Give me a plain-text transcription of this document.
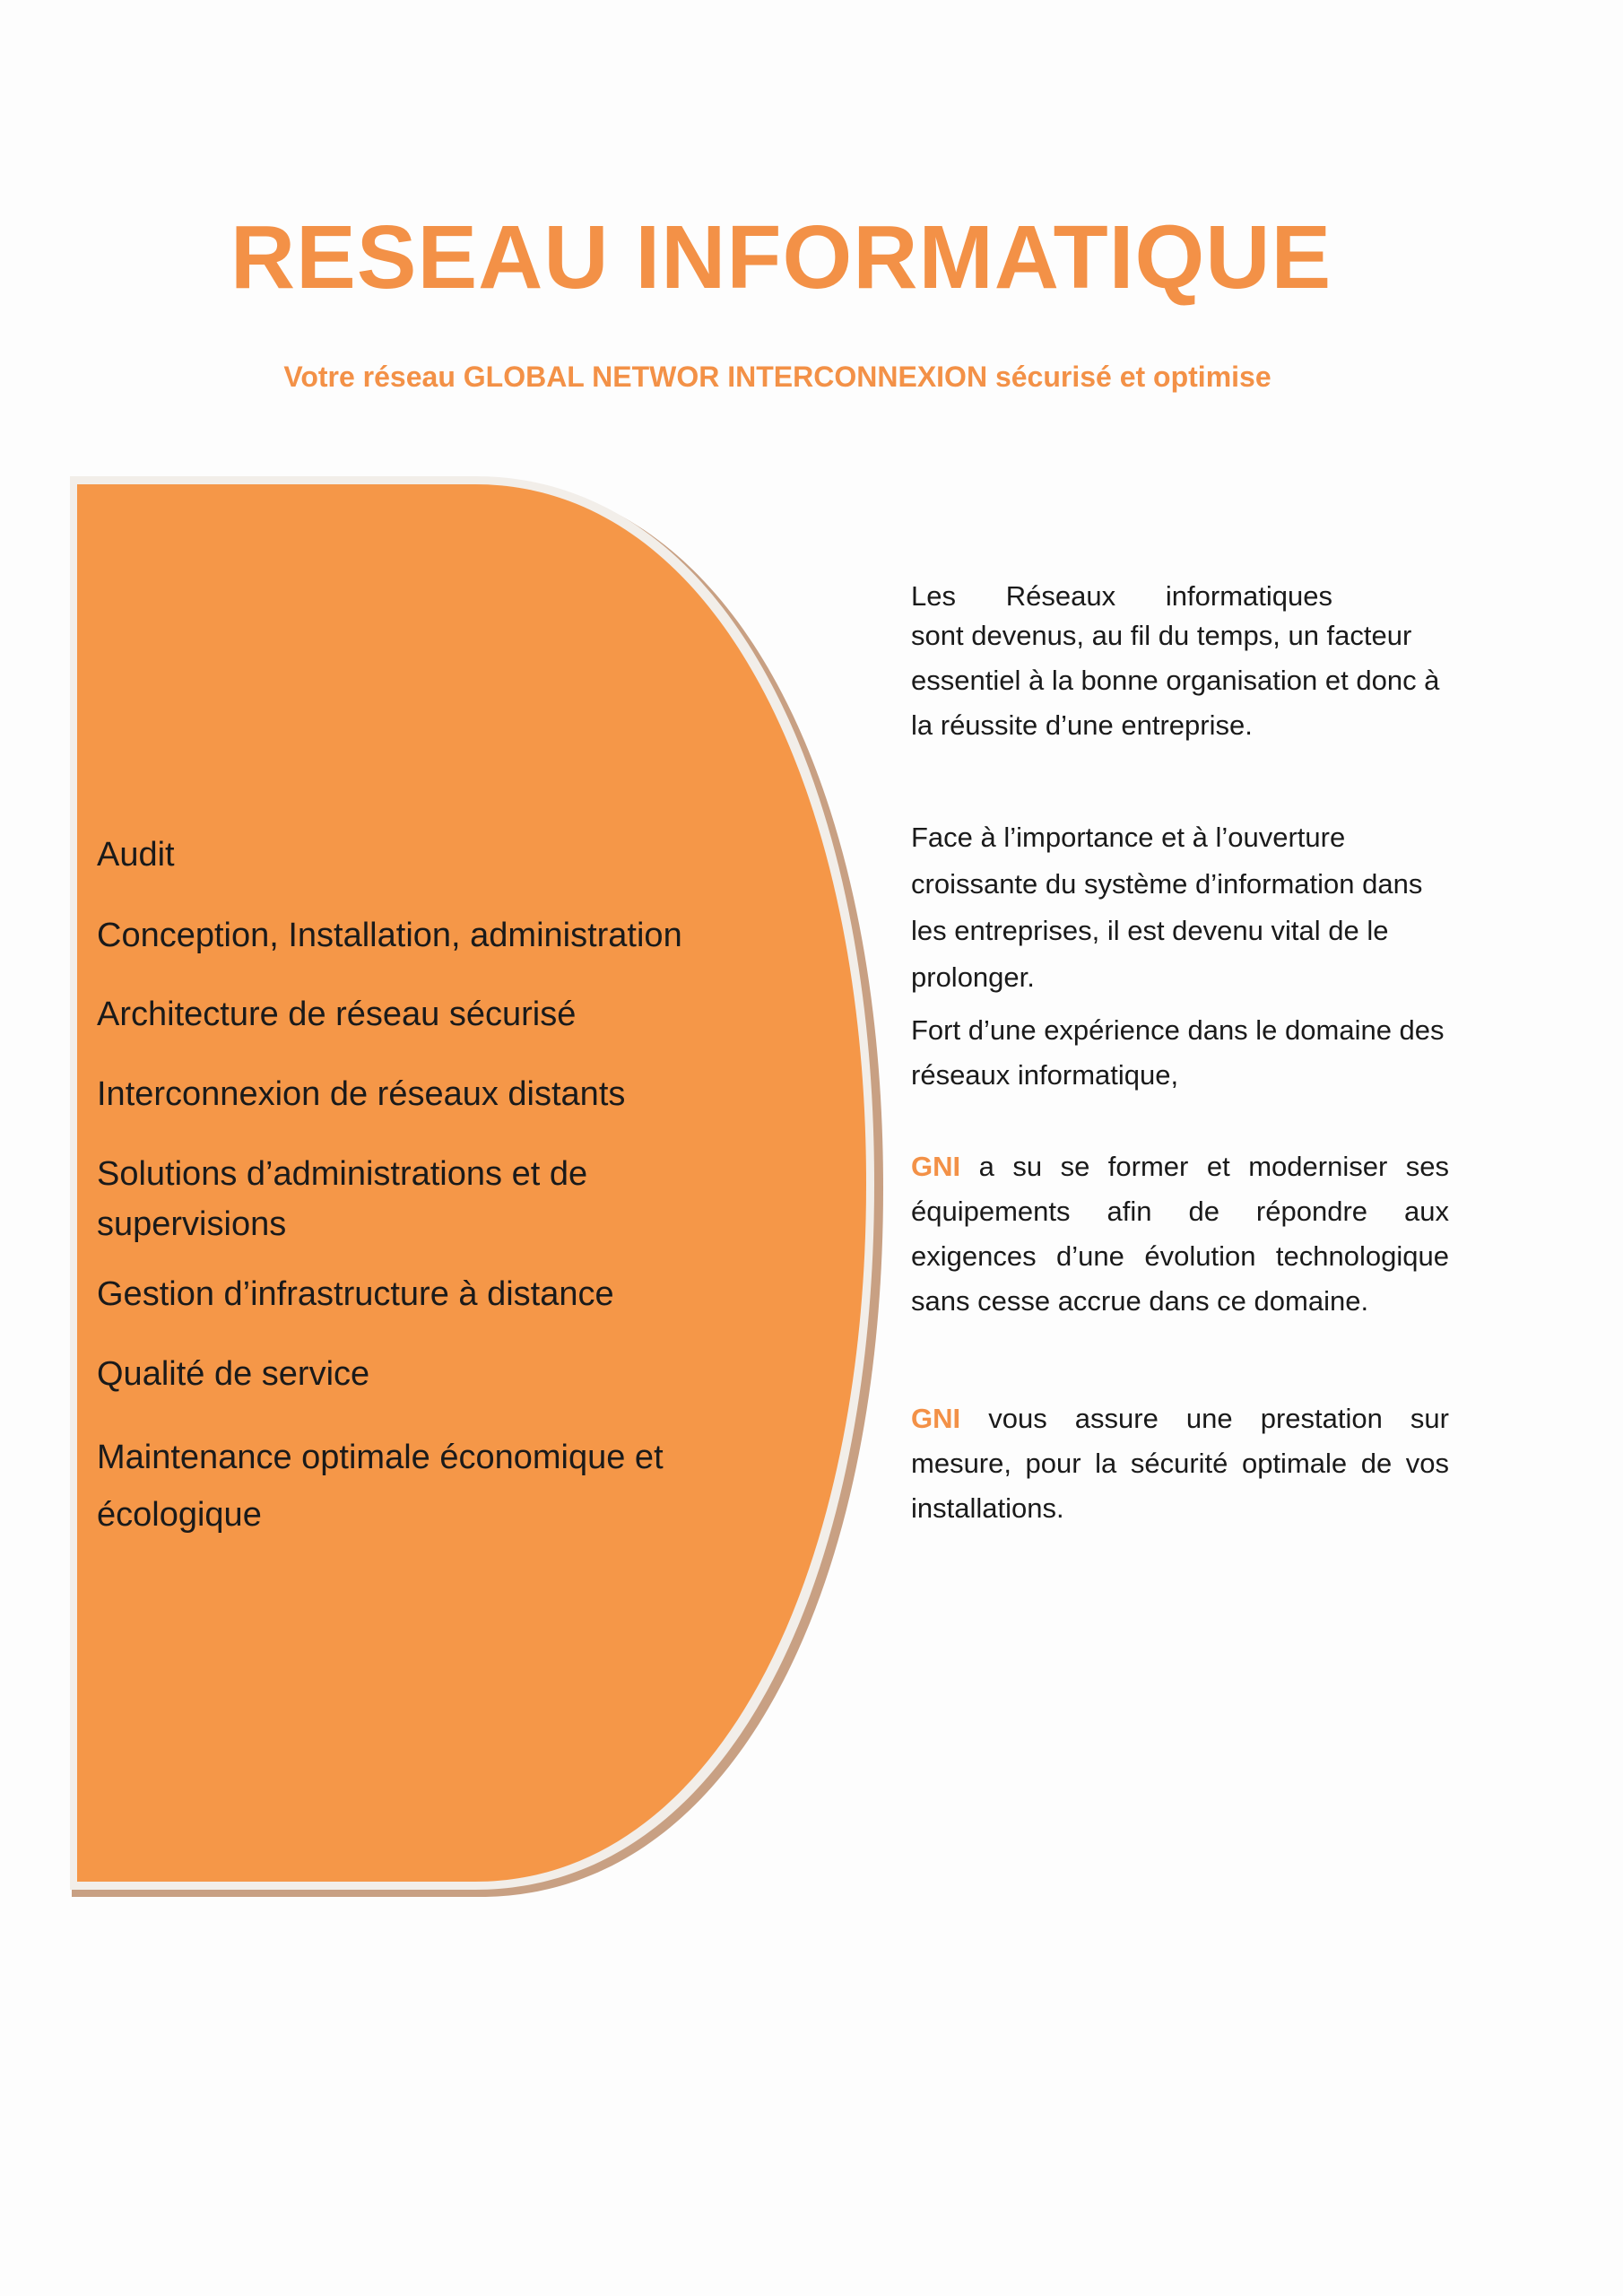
RESEAU INFORMATIQUE

Votre réseau GLOBAL NETWOR INTERCONNEXION sécurisé et optimise

Audit
Conception, Installation, administration
Architecture de réseau sécurisé
Interconnexion de réseaux distants
Solutions d’administrations et de supervisions
Gestion d’infrastructure à distance
Qualité de service
Maintenance optimale économique et écologique

Les Réseaux informatiques
sont devenus, au fil du temps, un facteur essentiel à la bonne organisation et donc à la réussite d’une entreprise.

Face à l’importance et à l’ouverture croissante du système d’information dans les entreprises, il est devenu vital de le prolonger.

Fort d’une expérience dans le domaine des réseaux informatique,

GNI a su se former et moderniser ses équipements afin de répondre aux exigences d’une évolution technologique sans cesse accrue dans ce domaine.

GNI vous assure une prestation sur mesure, pour la sécurité optimale de vos installations.
